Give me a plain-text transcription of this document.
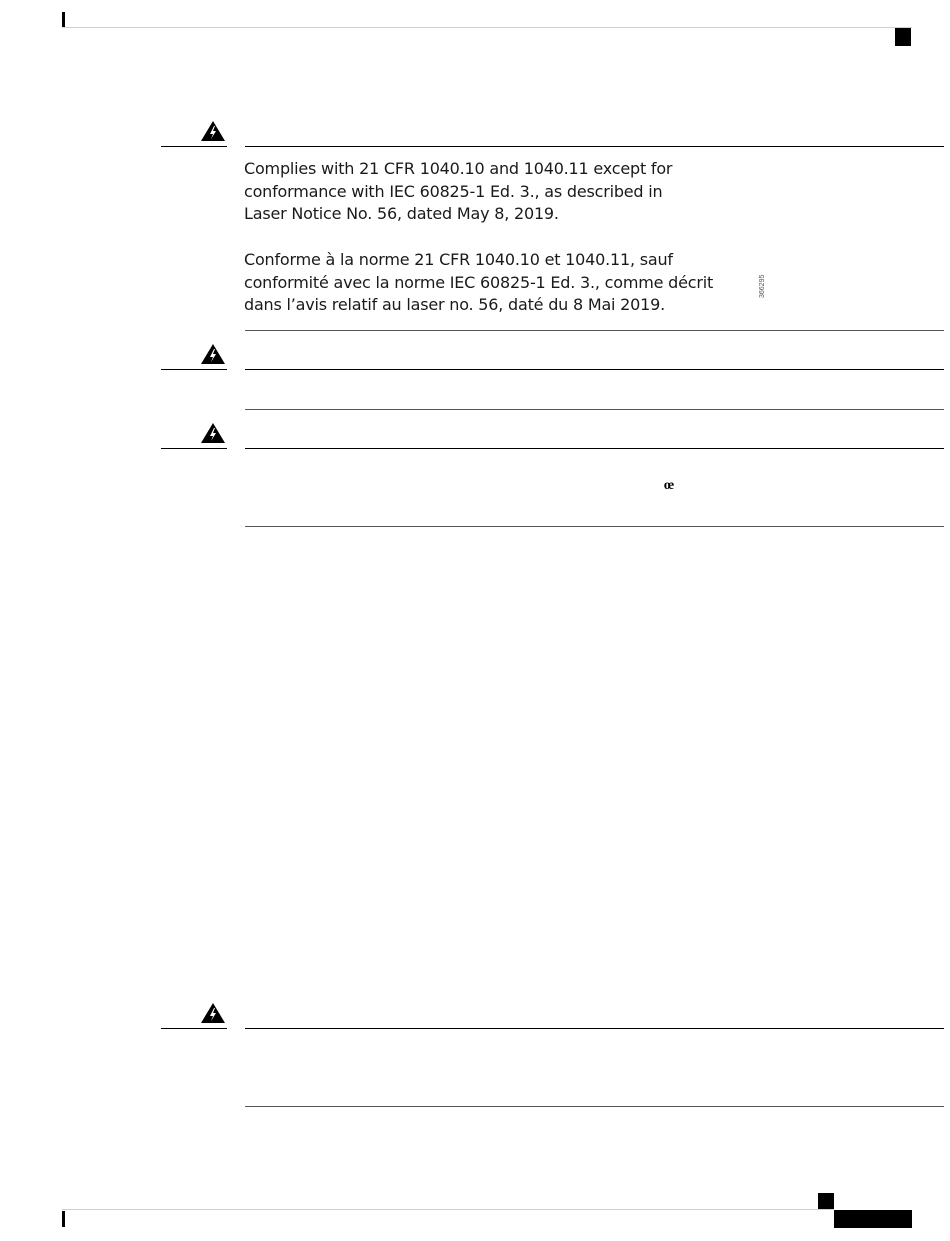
Complies with 21 CFR 1040.10 and 1040.11 except for
conformance with IEC 60825-1 Ed. 3., as described in
Laser Notice No. 56, dated May 8, 2019.
Conforme à la norme 21 CFR 1040.10 et 1040.11, sauf
conformité avec la norme IEC 60825-1 Ed. 3., comme décrit
dans l’avis relatif au laser no. 56, daté du 8 Mai 2019.
366295
œ
